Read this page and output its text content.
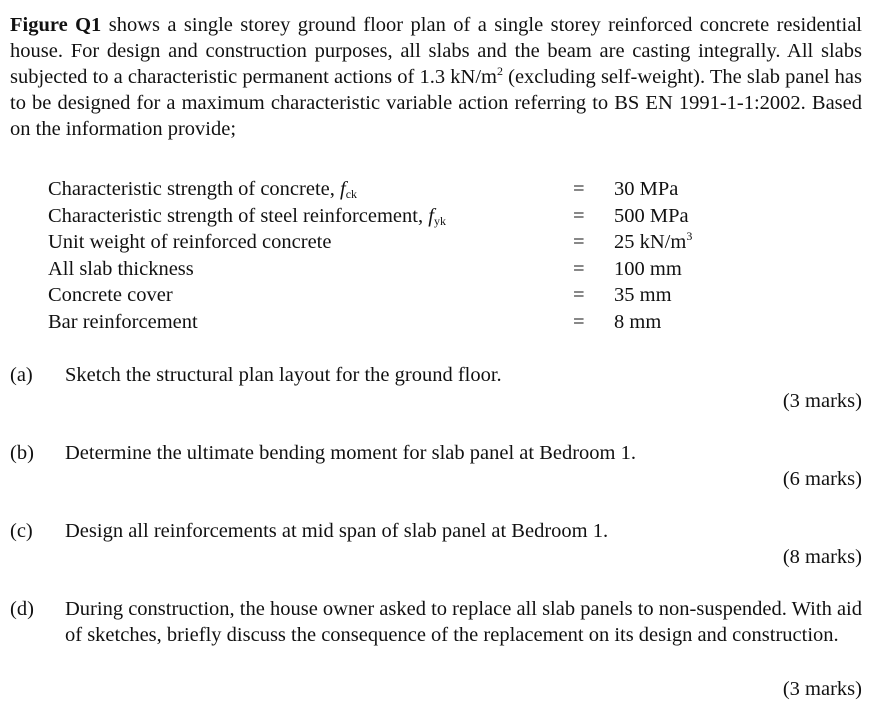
Figure Q1 shows a single storey ground floor plan of a single storey reinforced concrete residential house. For design and construction purposes, all slabs and the beam are casting integrally. All slabs subjected to a characteristic permanent actions of 1.3 $kN/m^2$ (excluding self-weight). The slab panel has to be designed for a maximum characteristic variable action referring to BS EN 1991-1-1:2002. Based on the information provide;

Characteristic strength of concrete, $f_{ck}$	= 30 MPa
Characteristic strength of steel reinforcement, $f_{yk}$	= 500 MPa
Unit weight of reinforced concrete	= 25 $kN/m^3$
All slab thickness	= 100 mm
Concrete cover	= 35 mm
Bar reinforcement	= 8 mm
(a) Sketch the structural plan layout for the ground floor.
(3 marks)
(b) Determine the ultimate bending moment for slab panel at Bedroom 1.
(6 marks)
(c) Design all reinforcements at mid span of slab panel at Bedroom 1.
(8 marks)
(d) During construction, the house owner asked to replace all slab panels to non-suspended. With aid of sketches, briefly discuss the consequence of the replacement on its design and construction.
(3 marks)
